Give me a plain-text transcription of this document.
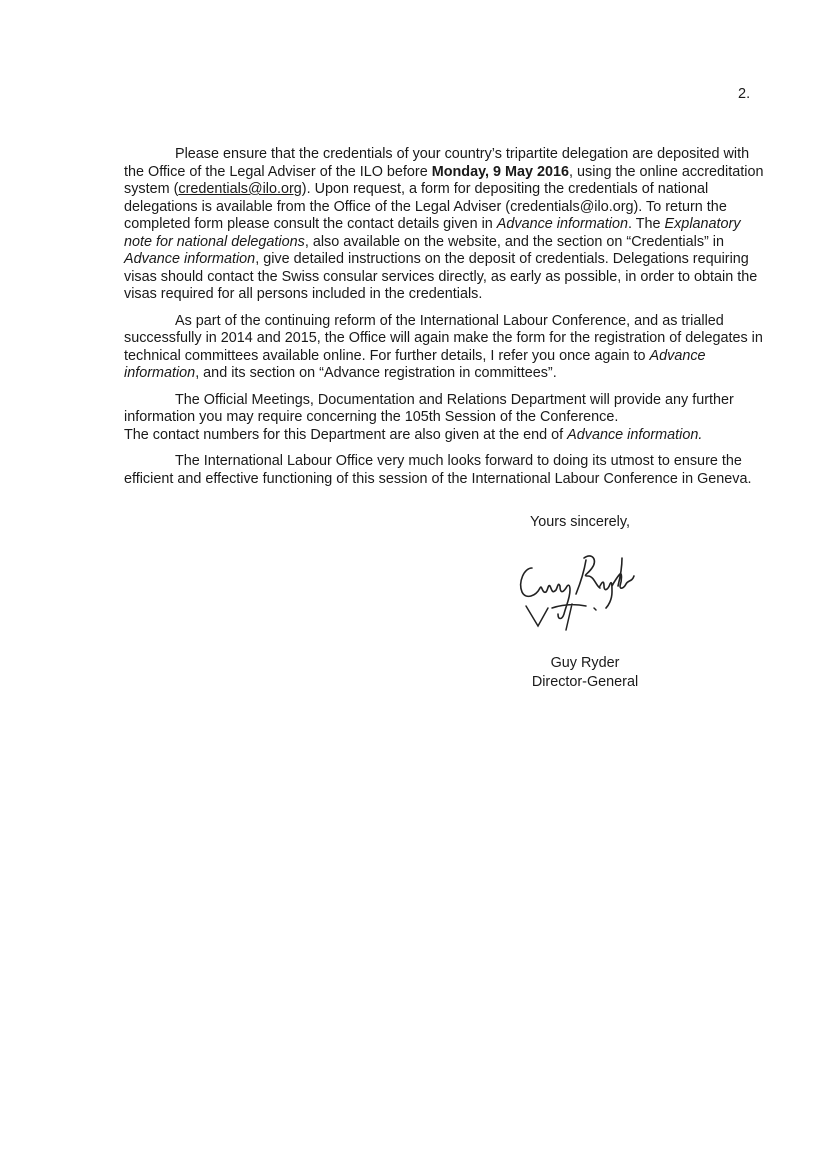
2.

Please ensure that the credentials of your country’s tripartite delegation are deposited with the Office of the Legal Adviser of the ILO before Monday, 9 May 2016, using the online accreditation system (credentials@ilo.org). Upon request, a form for depositing the credentials of national delegations is available from the Office of the Legal Adviser (credentials@ilo.org). To return the completed form please consult the contact details given in Advance information. The Explanatory note for national delegations, also available on the website, and the section on “Credentials” in Advance information, give detailed instructions on the deposit of credentials. Delegations requiring visas should contact the Swiss consular services directly, as early as possible, in order to obtain the visas required for all persons included in the credentials.

As part of the continuing reform of the International Labour Conference, and as trialled successfully in 2014 and 2015, the Office will again make the form for the registration of delegates in technical committees available online. For further details, I refer you once again to Advance information, and its section on “Advance registration in committees”.

The Official Meetings, Documentation and Relations Department will provide any further information you may require concerning the 105th Session of the Conference.
The contact numbers for this Department are also given at the end of Advance information.

The International Labour Office very much looks forward to doing its utmost to ensure the efficient and effective functioning of this session of the International Labour Conference in Geneva.

Yours sincerely,
Guy Ryder
Director-General
